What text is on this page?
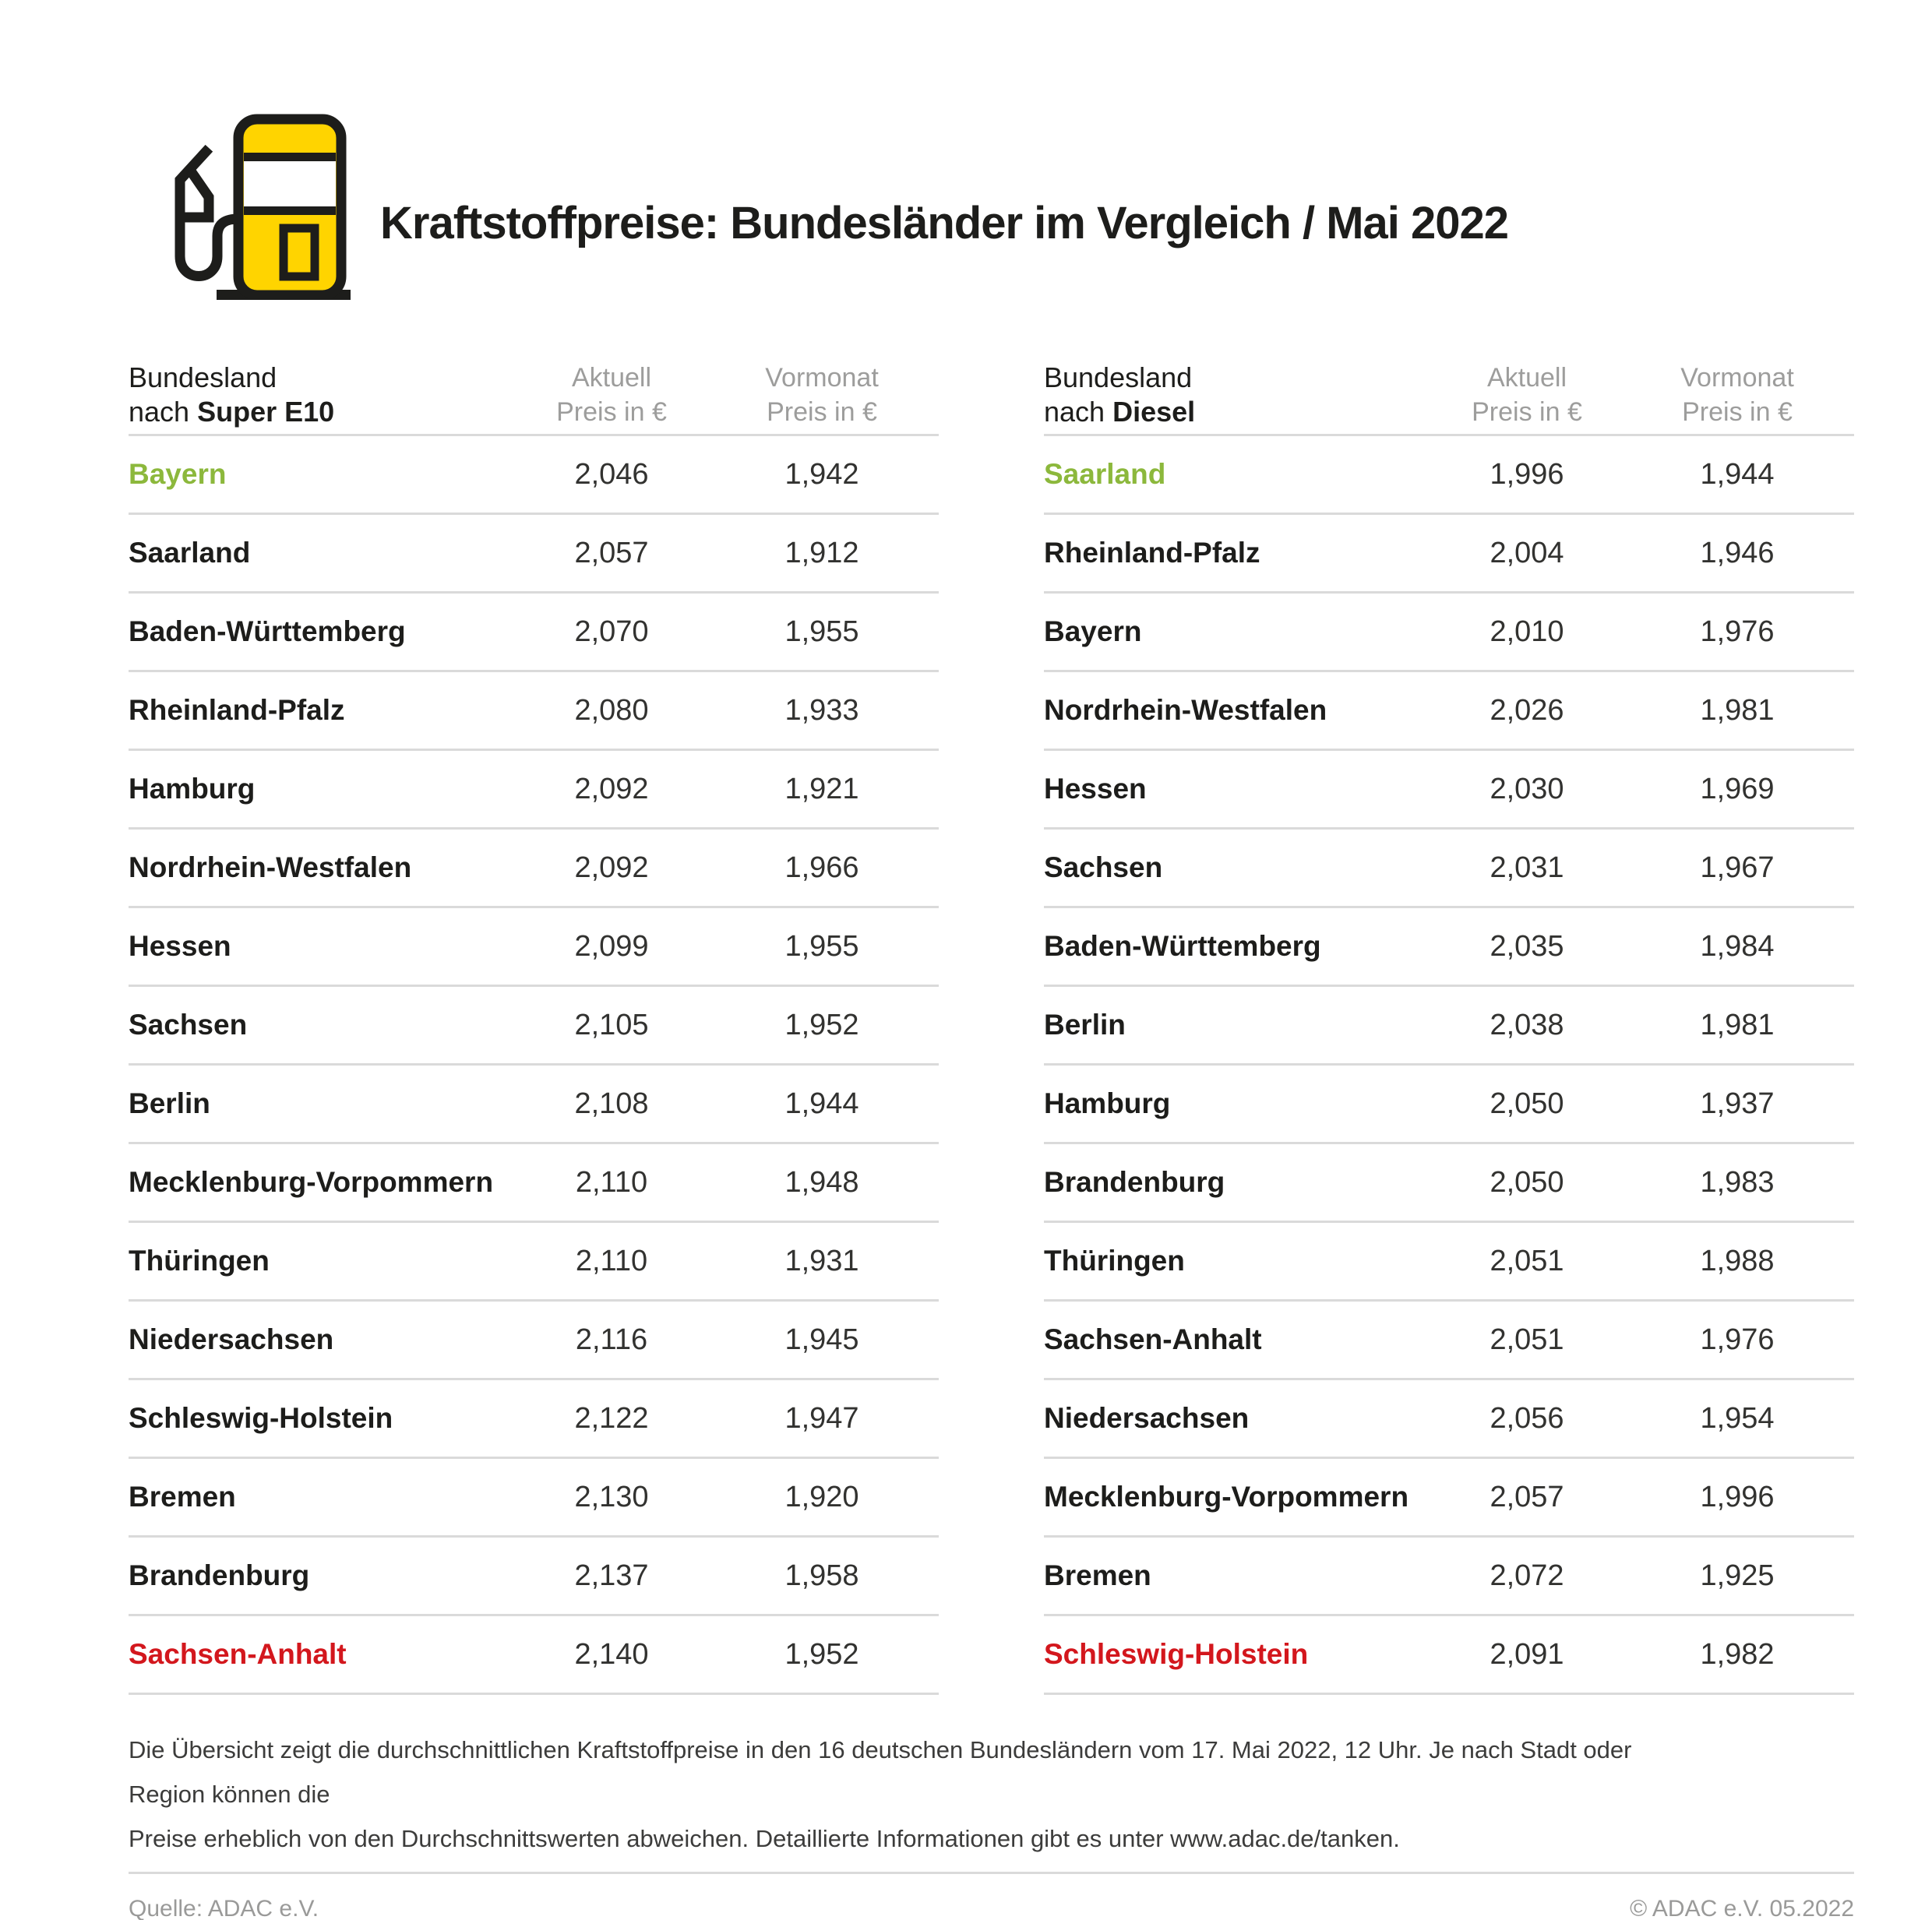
Kraftstoffpreise: Bundesländer im Vergleich / Mai 2022
Bundesland
nach Super E10
Aktuell
Preis in €
Vormonat
Preis in €
Bayern	2,046	1,942
Saarland	2,057	1,912
Baden-Württemberg	2,070	1,955
Rheinland-Pfalz	2,080	1,933
Hamburg	2,092	1,921
Nordrhein-Westfalen	2,092	1,966
Hessen	2,099	1,955
Sachsen	2,105	1,952
Berlin	2,108	1,944
Mecklenburg-Vorpommern	2,110	1,948
Thüringen	2,110	1,931
Niedersachsen	2,116	1,945
Schleswig-Holstein	2,122	1,947
Bremen	2,130	1,920
Brandenburg	2,137	1,958
Sachsen-Anhalt	2,140	1,952
Bundesland
nach Diesel
Aktuell
Preis in €
Vormonat
Preis in €
Saarland	1,996	1,944
Rheinland-Pfalz	2,004	1,946
Bayern	2,010	1,976
Nordrhein-Westfalen	2,026	1,981
Hessen	2,030	1,969
Sachsen	2,031	1,967
Baden-Württemberg	2,035	1,984
Berlin	2,038	1,981
Hamburg	2,050	1,937
Brandenburg	2,050	1,983
Thüringen	2,051	1,988
Sachsen-Anhalt	2,051	1,976
Niedersachsen	2,056	1,954
Mecklenburg-Vorpommern	2,057	1,996
Bremen	2,072	1,925
Schleswig-Holstein	2,091	1,982
Die Übersicht zeigt die durchschnittlichen Kraftstoffpreise in den 16 deutschen Bundesländern vom 17. Mai 2022, 12 Uhr. Je nach Stadt oder Region können die
Preise erheblich von den Durchschnittswerten abweichen. Detaillierte Informationen gibt es unter www.adac.de/tanken.
Quelle: ADAC e.V.	© ADAC e.V. 05.2022
